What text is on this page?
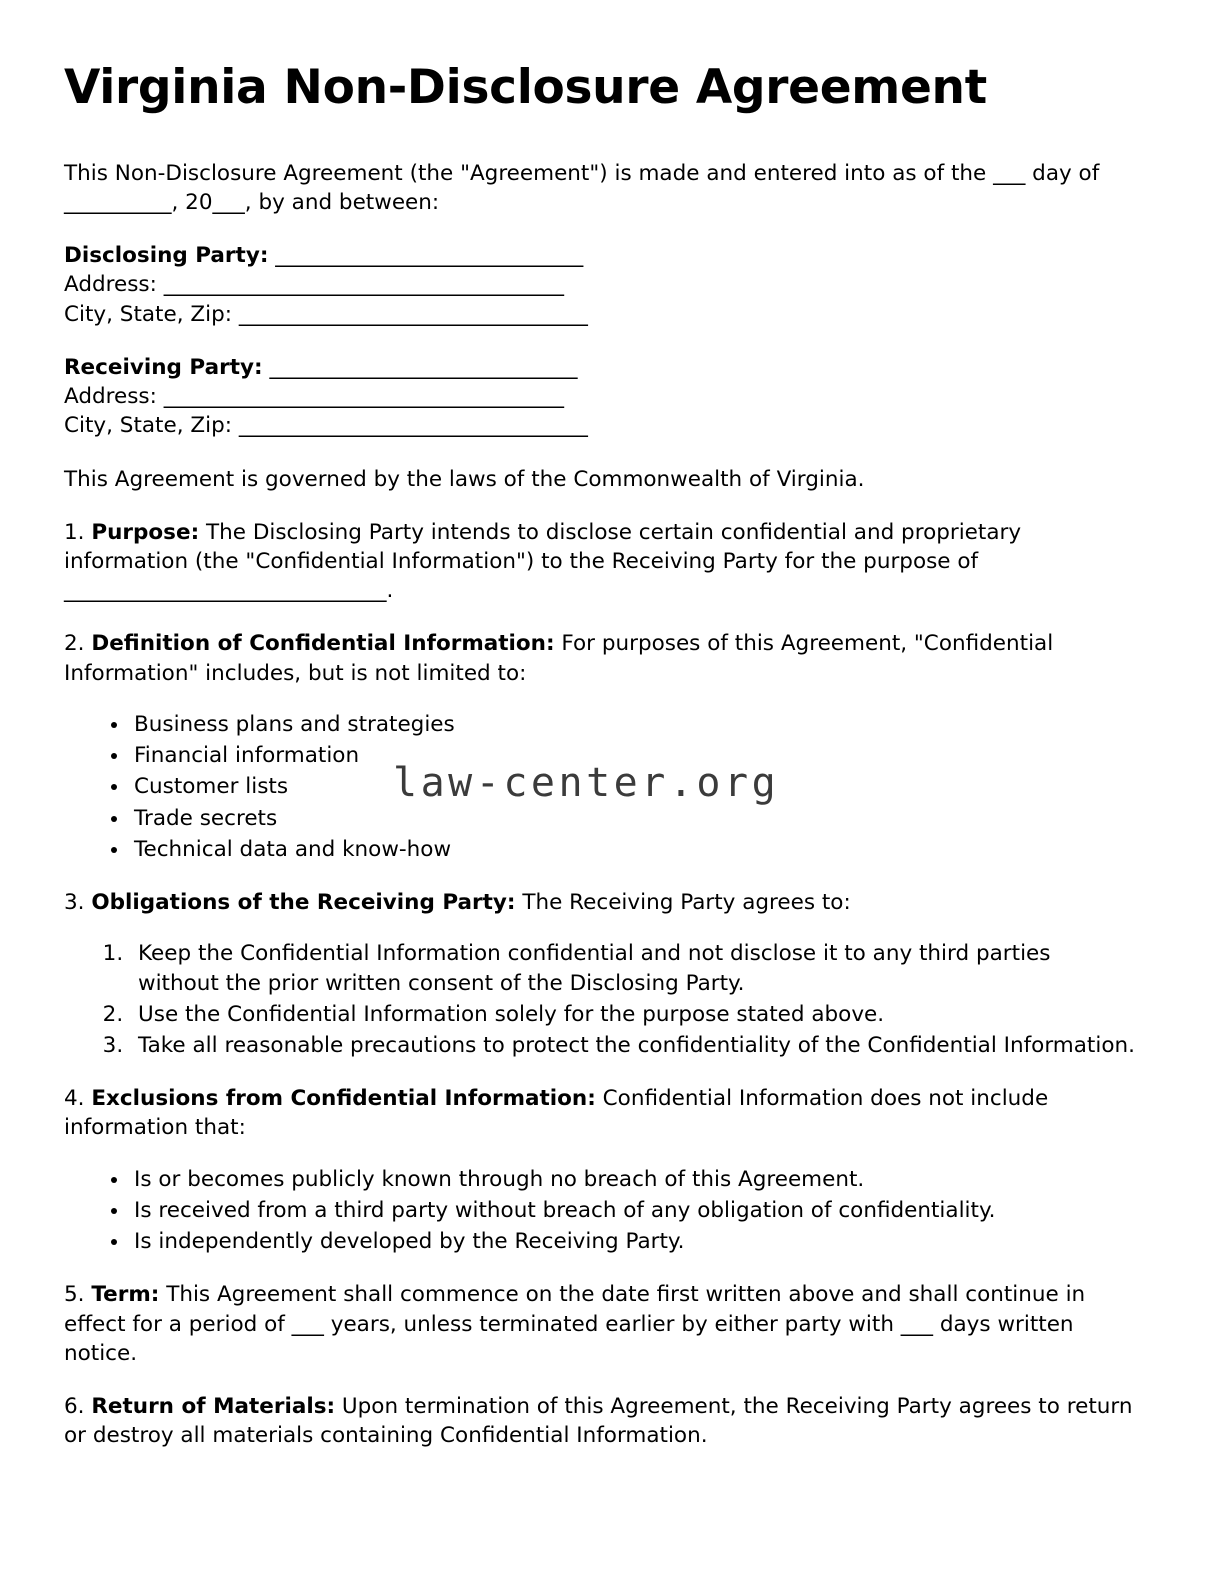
Virginia Non-Disclosure Agreement

This Non-Disclosure Agreement (the "Agreement") is made and entered into as of the ___ day of __________, 20___, by and between:

Disclosing Party: ______________________________
Address: _______________________________________
City, State, Zip: __________________________________
Receiving Party: ______________________________
Address: _______________________________________
City, State, Zip: __________________________________

This Agreement is governed by the laws of the Commonwealth of Virginia.

1. Purpose: The Disclosing Party intends to disclose certain confidential and proprietary information (the "Confidential Information") to the Receiving Party for the purpose of ______________________________.

2. Definition of Confidential Information: For purposes of this Agreement, "Confidential Information" includes, but is not limited to:

• Business plans and strategies
• Financial information
• Customer lists
• Trade secrets
• Technical data and know-how

3. Obligations of the Receiving Party: The Receiving Party agrees to:

1. Keep the Confidential Information confidential and not disclose it to any third parties without the prior written consent of the Disclosing Party.
2. Use the Confidential Information solely for the purpose stated above.
3. Take all reasonable precautions to protect the confidentiality of the Confidential Information.

4. Exclusions from Confidential Information: Confidential Information does not include information that:

• Is or becomes publicly known through no breach of this Agreement.
• Is received from a third party without breach of any obligation of confidentiality.
• Is independently developed by the Receiving Party.

5. Term: This Agreement shall commence on the date first written above and shall continue in effect for a period of ___ years, unless terminated earlier by either party with ___ days written notice.

6. Return of Materials: Upon termination of this Agreement, the Receiving Party agrees to return or destroy all materials containing Confidential Information.

law-center.org
